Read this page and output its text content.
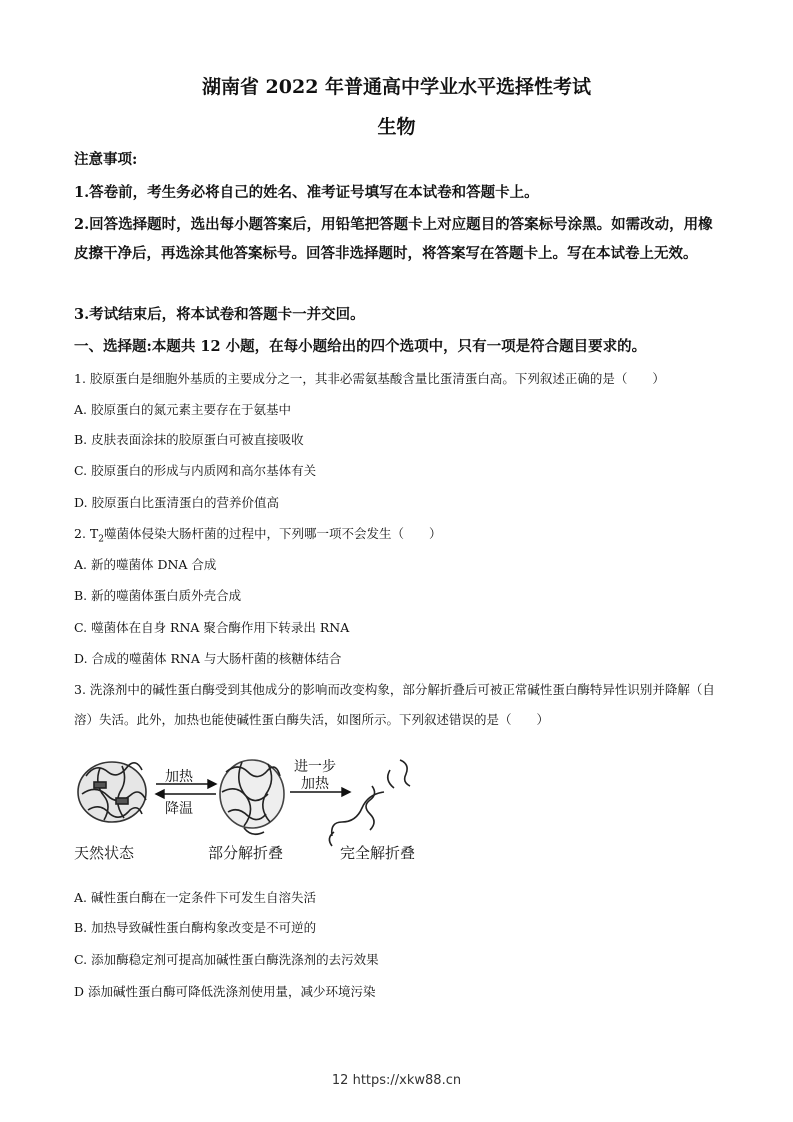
湖南省 2022 年普通高中学业水平选择性考试
生物
注意事项:
1.答卷前，考生务必将自己的姓名、准考证号填写在本试卷和答题卡上。
2.回答选择题时，选出每小题答案后，用铅笔把答题卡上对应题目的答案标号涂黑。如需改动，用橡皮擦干净后，再选涂其他答案标号。回答非选择题时，将答案写在答题卡上。写在本试卷上无效。
3.考试结束后，将本试卷和答题卡一并交回。
一、选择题:本题共 12 小题，在每小题给出的四个选项中，只有一项是符合题目要求的。
1. 胶原蛋白是细胞外基质的主要成分之一，其非必需氨基酸含量比蛋清蛋白高。下列叙述正确的是（　　）
A. 胶原蛋白的氮元素主要存在于氨基中
B. 皮肤表面涂抹的胶原蛋白可被直接吸收
C. 胶原蛋白的形成与内质网和高尔基体有关
D. 胶原蛋白比蛋清蛋白的营养价值高
2. $T_2$噬菌体侵染大肠杆菌的过程中，下列哪一项不会发生（　　）
A. 新的噬菌体 DNA 合成
B. 新的噬菌体蛋白质外壳合成
C. 噬菌体在自身 RNA 聚合酶作用下转录出 RNA
D. 合成的噬菌体 RNA 与大肠杆菌的核糖体结合
3. 洗涤剂中的碱性蛋白酶受到其他成分的影响而改变构象，部分解折叠后可被正常碱性蛋白酶特异性识别并降解（自溶）失活。此外，加热也能使碱性蛋白酶失活，如图所示。下列叙述错误的是（　　）
加热
降温
进一步
加热
天然状态	部分解折叠	完全解折叠
A. 碱性蛋白酶在一定条件下可发生自溶失活
B. 加热导致碱性蛋白酶构象改变是不可逆的
C. 添加酶稳定剂可提高加碱性蛋白酶洗涤剂的去污效果
D 添加碱性蛋白酶可降低洗涤剂使用量，减少环境污染
12 https://xkw88.cn
